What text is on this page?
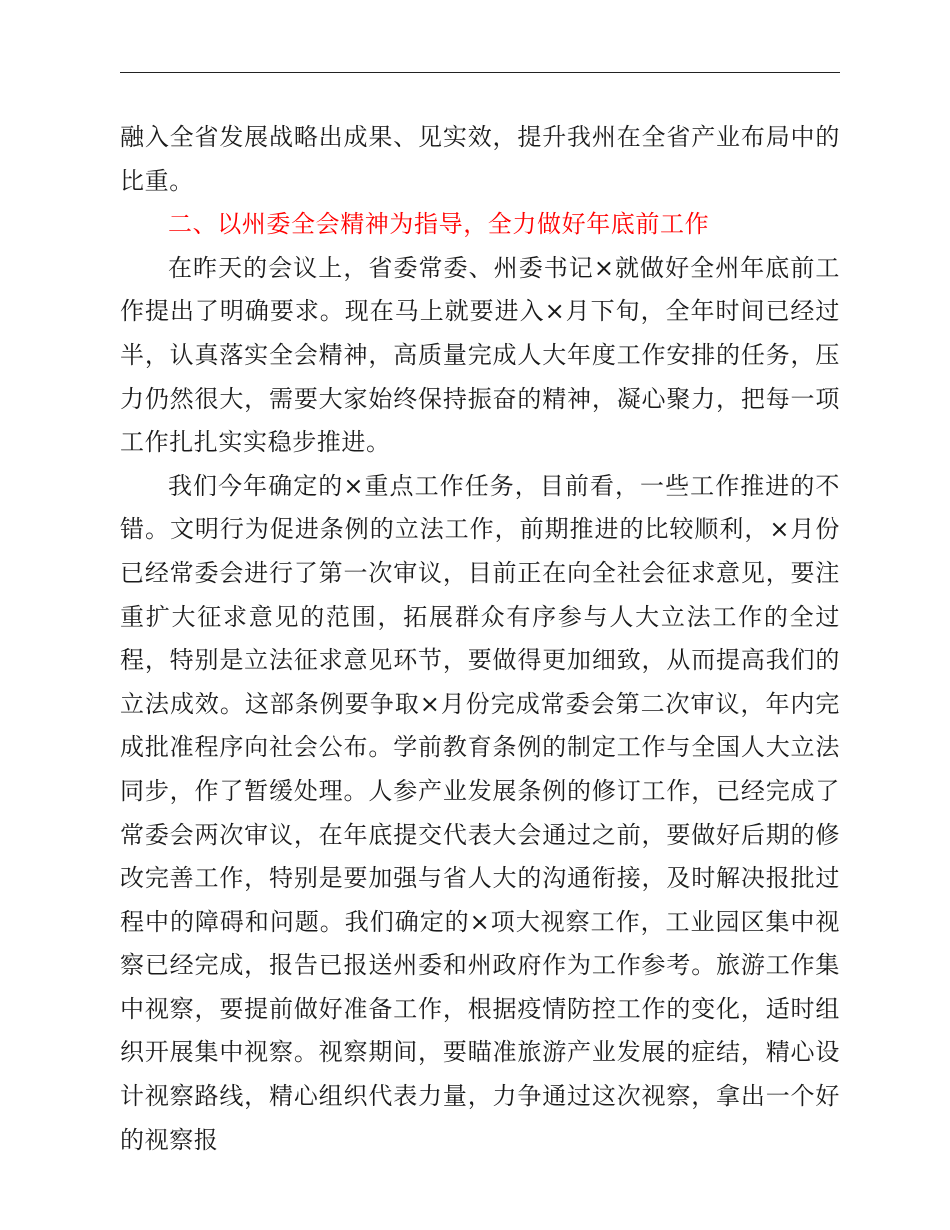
融入全省发展战略出成果、见实效，提升我州在全省产业布局中的比重。

二、以州委全会精神为指导，全力做好年底前工作

在昨天的会议上，省委常委、州委书记×就做好全州年底前工作提出了明确要求。现在马上就要进入×月下旬，全年时间已经过半，认真落实全会精神，高质量完成人大年度工作安排的任务，压力仍然很大，需要大家始终保持振奋的精神，凝心聚力，把每一项工作扎扎实实稳步推进。

我们今年确定的×重点工作任务，目前看，一些工作推进的不错。文明行为促进条例的立法工作，前期推进的比较顺利，×月份已经常委会进行了第一次审议，目前正在向全社会征求意见，要注重扩大征求意见的范围，拓展群众有序参与人大立法工作的全过程，特别是立法征求意见环节，要做得更加细致，从而提高我们的立法成效。这部条例要争取×月份完成常委会第二次审议，年内完成批准程序向社会公布。学前教育条例的制定工作与全国人大立法同步，作了暂缓处理。人参产业发展条例的修订工作，已经完成了常委会两次审议，在年底提交代表大会通过之前，要做好后期的修改完善工作，特别是要加强与省人大的沟通衔接，及时解决报批过程中的障碍和问题。我们确定的×项大视察工作，工业园区集中视察已经完成，报告已报送州委和州政府作为工作参考。旅游工作集中视察，要提前做好准备工作，根据疫情防控工作的变化，适时组织开展集中视察。视察期间，要瞄准旅游产业发展的症结，精心设计视察路线，精心组织代表力量，力争通过这次视察，拿出一个好的视察报
